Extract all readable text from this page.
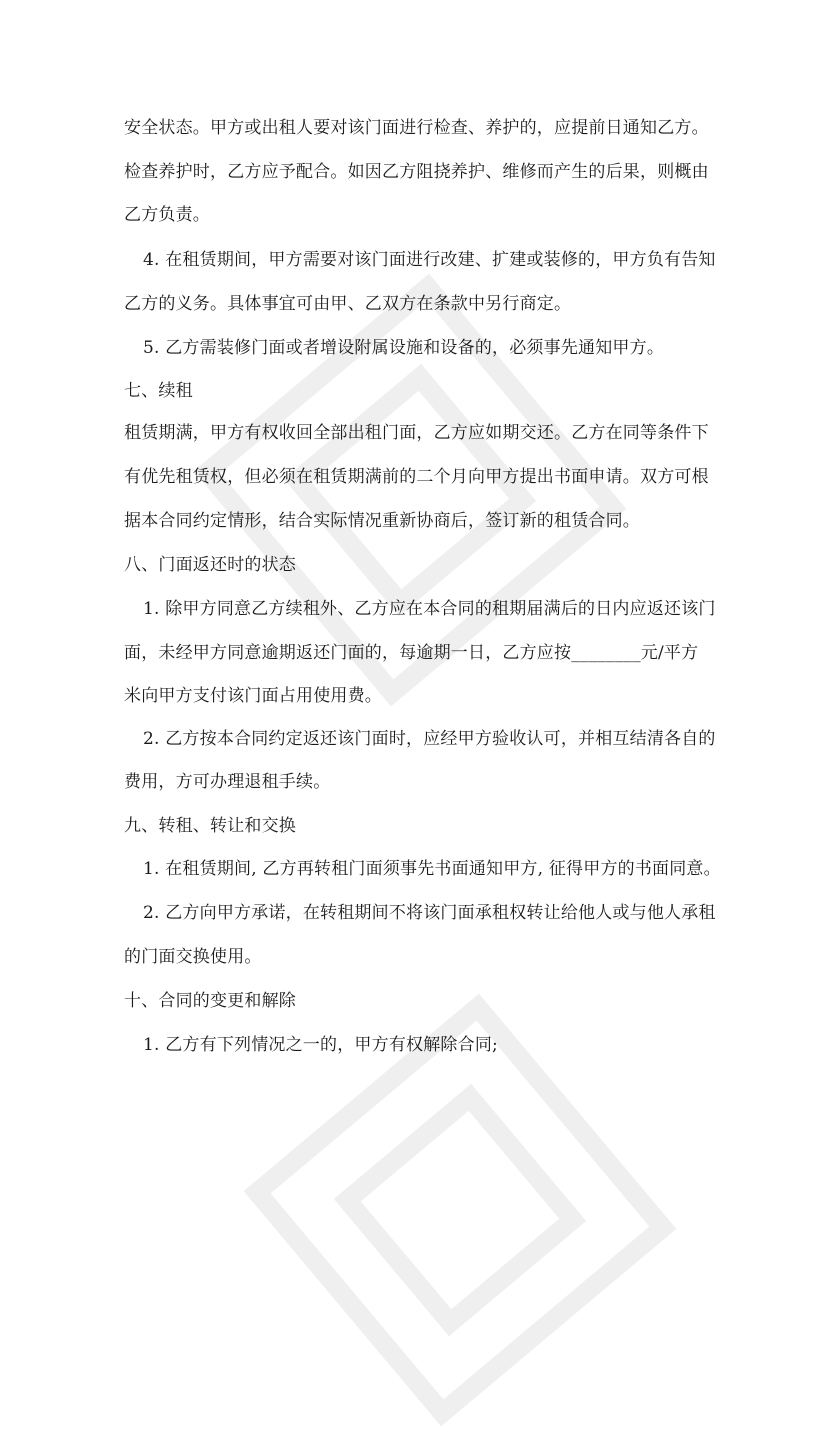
安全状态。甲方或出租人要对该门面进行检查、养护的，应提前日通知乙方。
检查养护时，乙方应予配合。如因乙方阻挠养护、维修而产生的后果，则概由
乙方负责。
4. 在租赁期间，甲方需要对该门面进行改建、扩建或装修的，甲方负有告知
乙方的义务。具体事宜可由甲、乙双方在条款中另行商定。
5. 乙方需装修门面或者增设附属设施和设备的，必须事先通知甲方。
七、续租
租赁期满，甲方有权收回全部出租门面，乙方应如期交还。乙方在同等条件下
有优先租赁权，但必须在租赁期满前的二个月向甲方提出书面申请。双方可根
据本合同约定情形，结合实际情况重新协商后，签订新的租赁合同。
八、门面返还时的状态
1. 除甲方同意乙方续租外、乙方应在本合同的租期届满后的日内应返还该门
面，未经甲方同意逾期返还门面的，每逾期一日，乙方应按________元/平方
米向甲方支付该门面占用使用费。
2. 乙方按本合同约定返还该门面时，应经甲方验收认可，并相互结清各自的
费用，方可办理退租手续。
九、转租、转让和交换
1. 在租赁期间, 乙方再转租门面须事先书面通知甲方, 征得甲方的书面同意。
2. 乙方向甲方承诺，在转租期间不将该门面承租权转让给他人或与他人承租
的门面交换使用。
十、合同的变更和解除
1. 乙方有下列情况之一的，甲方有权解除合同;
